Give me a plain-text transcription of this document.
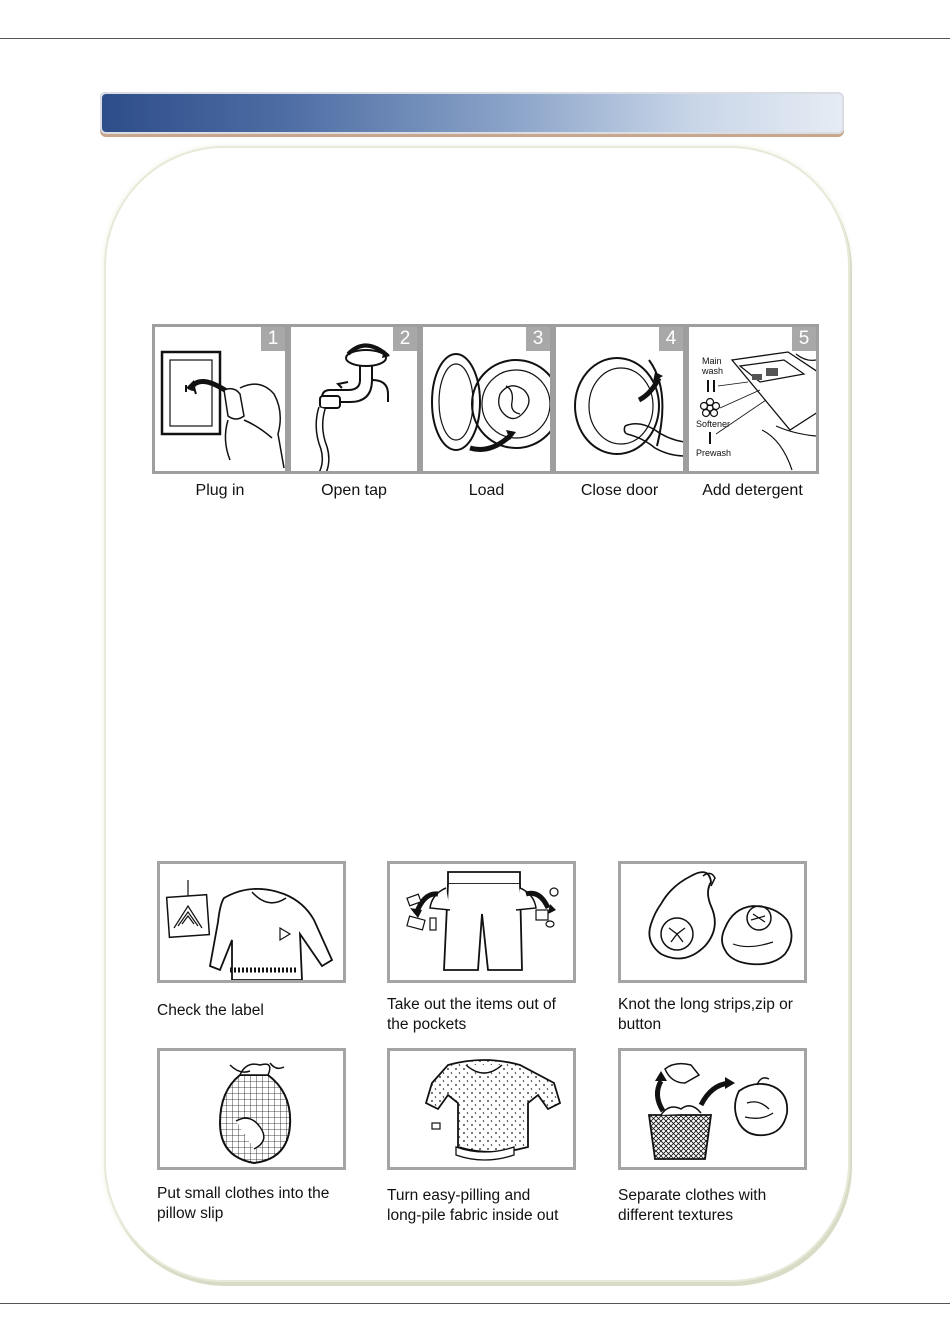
1
Plug in
2
Open tap
3
Load
4
Close door
Main
wash
Softener
Prewash
5
Add detergent
Check the label	Take out the items out of
the pockets
Knot the long strips,zip or
button
Put small clothes into the
pillow slip
Turn easy-pilling and
long-pile fabric inside out
Separate clothes with
different textures
